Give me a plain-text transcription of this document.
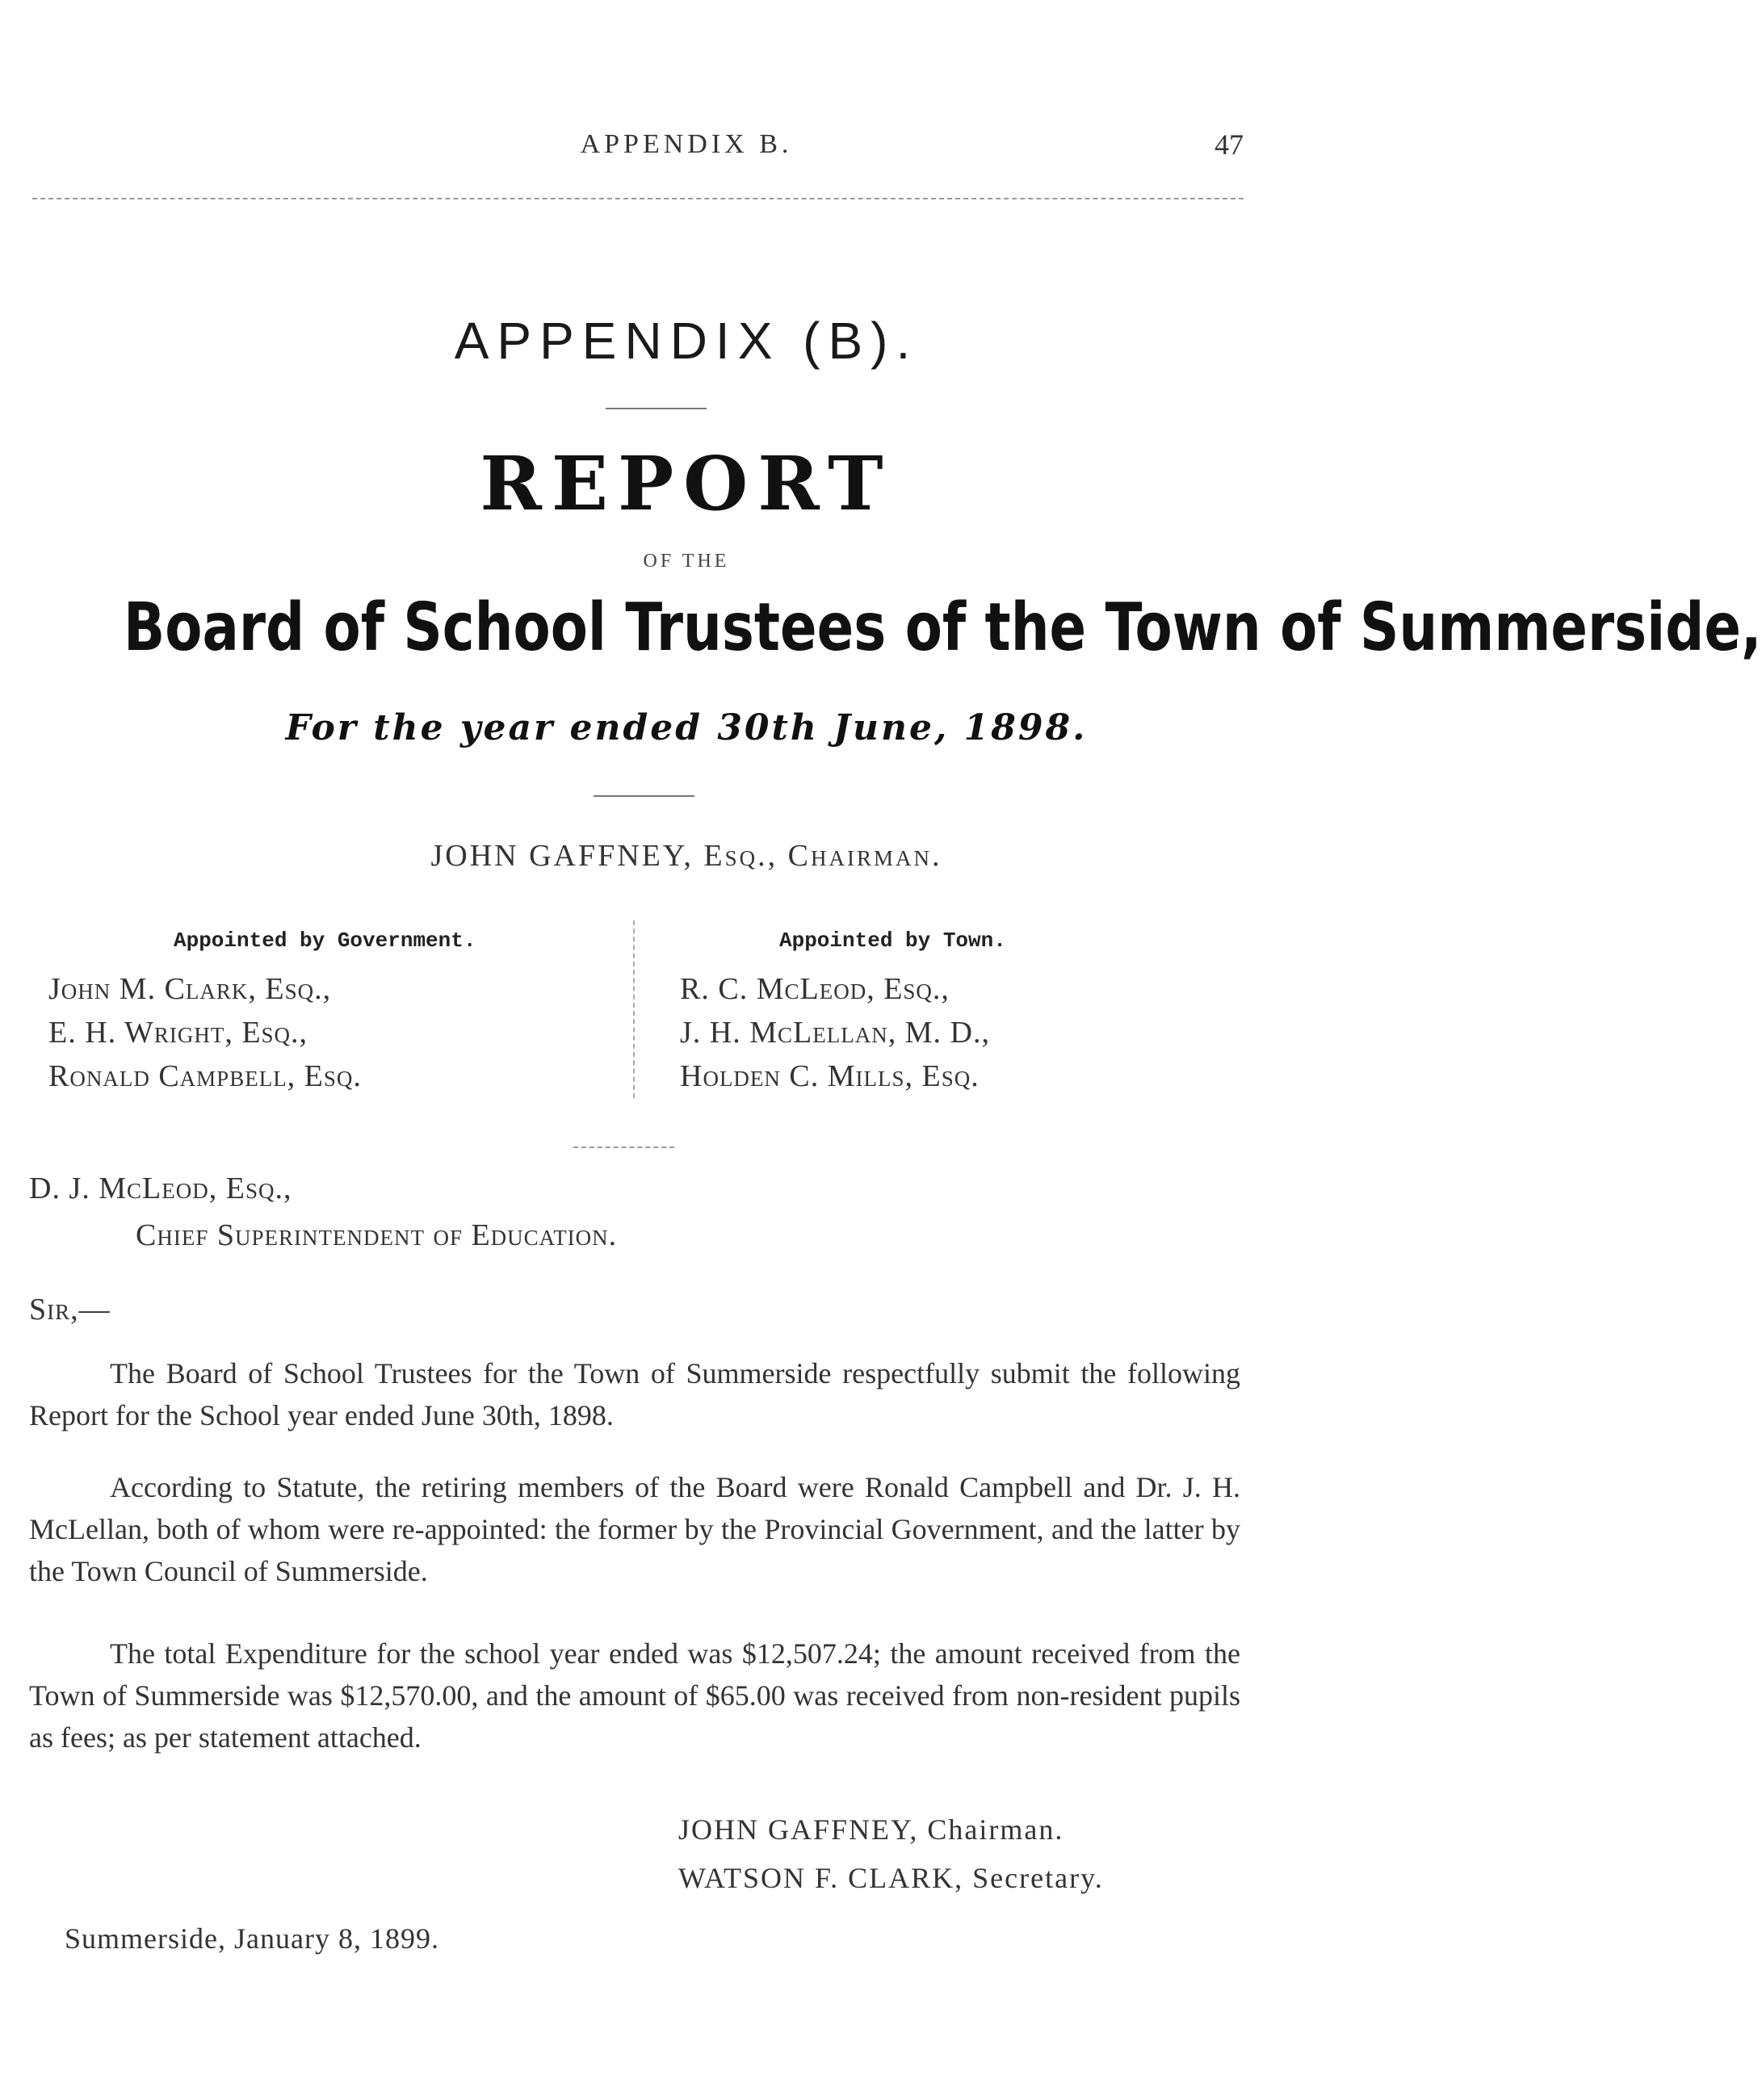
APPENDIX B.	47
APPENDIX (B).
REPORT
OF THE
Board of School Trustees of the Town of Summerside,
For the year ended 30th June, 1898.
JOHN GAFFNEY, Esq., Chairman.
Appointed by Government.	Appointed by Town.
John M. Clark, Esq.,
E. H. Wright, Esq.,
Ronald Campbell, Esq.
R. C. McLeod, Esq.,
J. H. McLellan, M. D.,
Holden C. Mills, Esq.
D. J. McLeod, Esq.,
Chief Superintendent of Education.
Sir,—
The Board of School Trustees for the Town of Summerside respectfully submit the following Report for the School year ended June 30th, 1898.
According to Statute, the retiring members of the Board were Ronald Campbell and Dr. J. H. McLellan, both of whom were re-appointed: the former by the Provincial Government, and the latter by the Town Council of Summerside.
The total Expenditure for the school year ended was $12,507.24; the amount received from the Town of Summerside was $12,570.00, and the amount of $65.00 was received from non-resident pupils as fees; as per statement attached.
JOHN GAFFNEY, Chairman.
WATSON F. CLARK, Secretary.
Summerside, January 8, 1899.
